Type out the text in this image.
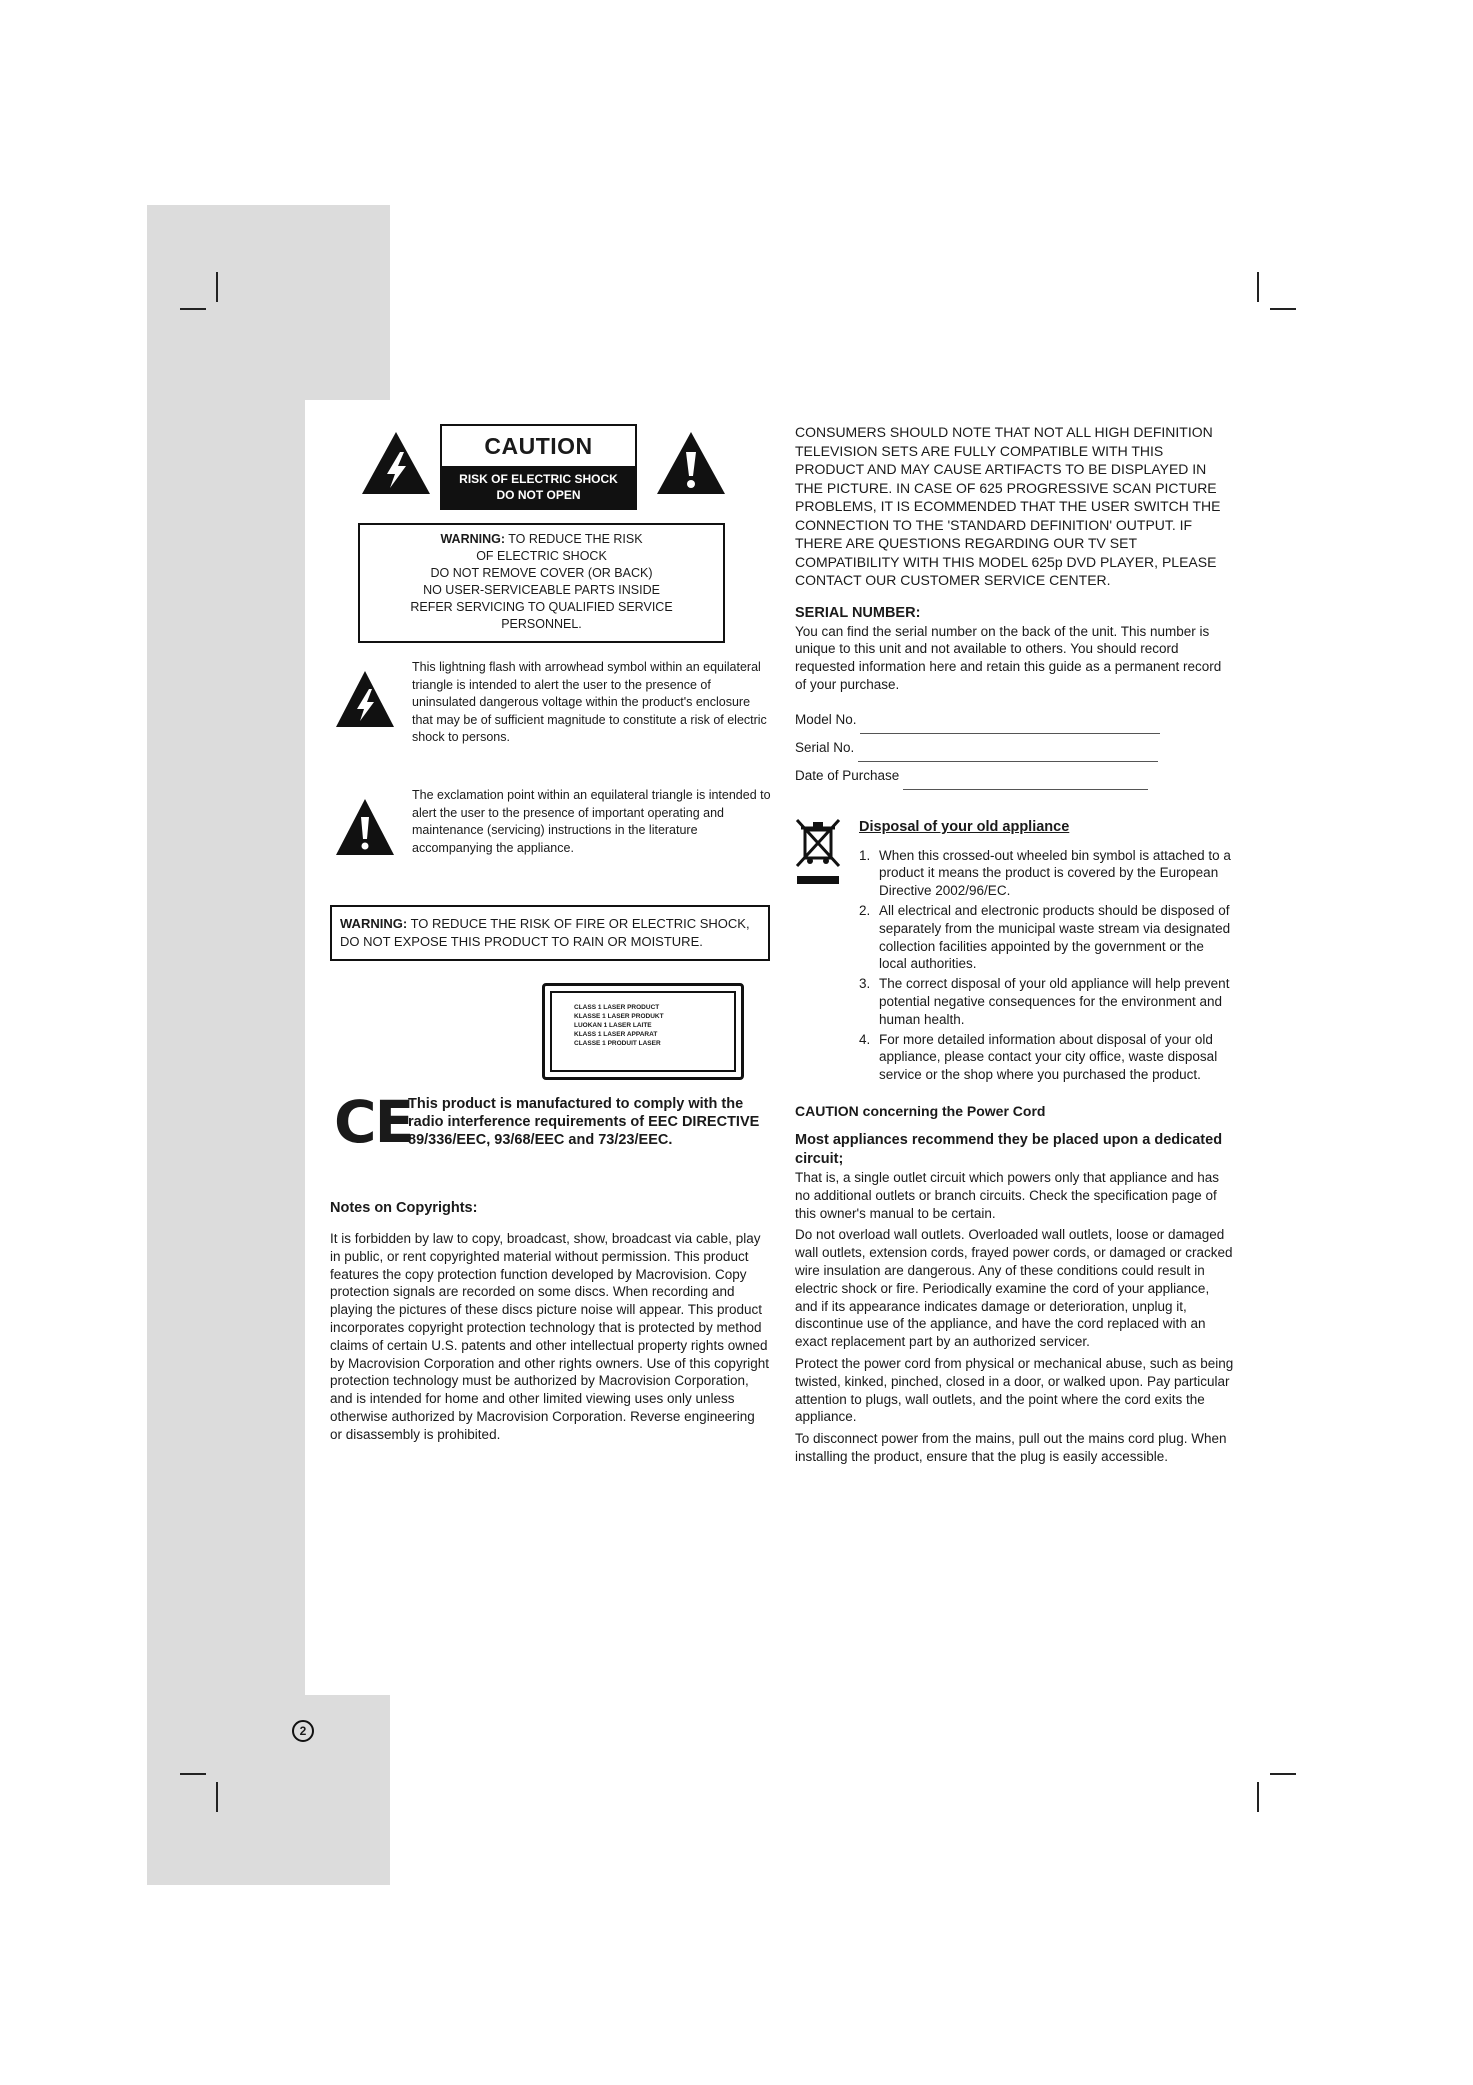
CAUTION
RISK OF ELECTRIC SHOCK
DO NOT OPEN
WARNING: TO REDUCE THE RISK
OF ELECTRIC SHOCK
DO NOT REMOVE COVER (OR BACK)
NO USER-SERVICEABLE PARTS INSIDE
REFER SERVICING TO QUALIFIED SERVICE
PERSONNEL.
This lightning flash with arrowhead symbol within an equilateral triangle is intended to alert the user to the presence of uninsulated dangerous voltage within the product's enclosure that may be of sufficient magnitude to constitute a risk of electric shock to persons.
The exclamation point within an equilateral triangle is intended to alert the user to the presence of important operating and maintenance (servicing) instructions in the literature accompanying the appliance.
WARNING: TO REDUCE THE RISK OF FIRE OR ELECTRIC SHOCK, DO NOT EXPOSE THIS PRODUCT TO RAIN OR MOISTURE.
CLASS 1 LASER PRODUCT
KLASSE 1 LASER PRODUKT
LUOKAN 1 LASER LAITE
KLASS 1 LASER APPARAT
CLASSE 1 PRODUIT LASER
CE
This product is manufactured to comply with the radio interference requirements of EEC DIRECTIVE 89/336/EEC, 93/68/EEC and 73/23/EEC.
Notes on Copyrights:
It is forbidden by law to copy, broadcast, show, broadcast via cable, play in public, or rent copyrighted material without permission. This product features the copy protection function developed by Macrovision. Copy protection signals are recorded on some discs. When recording and playing the pictures of these discs picture noise will appear. This product incorporates copyright protection technology that is protected by method claims of certain U.S. patents and other intellectual property rights owned by Macrovision Corporation and other rights owners. Use of this copyright protection technology must be authorized by Macrovision Corporation, and is intended for home and other limited viewing uses only unless otherwise authorized by Macrovision Corporation. Reverse engineering or disassembly is prohibited.
CONSUMERS SHOULD NOTE THAT NOT ALL HIGH DEFINITION TELEVISION SETS ARE FULLY COMPATIBLE WITH THIS PRODUCT AND MAY CAUSE ARTIFACTS TO BE DISPLAYED IN THE PICTURE. IN CASE OF 625 PROGRESSIVE SCAN PICTURE PROBLEMS, IT IS ECOMMENDED THAT THE USER SWITCH THE CONNECTION TO THE 'STANDARD DEFINITION' OUTPUT. IF THERE ARE QUESTIONS REGARDING OUR TV SET COMPATIBILITY WITH THIS MODEL 625p DVD PLAYER, PLEASE CONTACT OUR CUSTOMER SERVICE CENTER.
SERIAL NUMBER:
You can find the serial number on the back of the unit. This number is unique to this unit and not available to others. You should record requested information here and retain this guide as a permanent record of your purchase.
Model No.
Serial No.
Date of Purchase
Disposal of your old appliance
1. When this crossed-out wheeled bin symbol is attached to a product it means the product is covered by the European Directive 2002/96/EC.
2. All electrical and electronic products should be disposed of separately from the municipal waste stream via designated collection facilities appointed by the government or the local authorities.
3. The correct disposal of your old appliance will help prevent potential negative consequences for the environment and human health.
4. For more detailed information about disposal of your old appliance, please contact your city office, waste disposal service or the shop where you purchased the product.
CAUTION concerning the Power Cord
Most appliances recommend they be placed upon a dedicated circuit;
That is, a single outlet circuit which powers only that appliance and has no additional outlets or branch circuits. Check the specification page of this owner's manual to be certain.
Do not overload wall outlets. Overloaded wall outlets, loose or damaged wall outlets, extension cords, frayed power cords, or damaged or cracked wire insulation are dangerous. Any of these conditions could result in electric shock or fire. Periodically examine the cord of your appliance, and if its appearance indicates damage or deterioration, unplug it, discontinue use of the appliance, and have the cord replaced with an exact replacement part by an authorized servicer.
Protect the power cord from physical or mechanical abuse, such as being twisted, kinked, pinched, closed in a door, or walked upon. Pay particular attention to plugs, wall outlets, and the point where the cord exits the appliance.
To disconnect power from the mains, pull out the mains cord plug. When installing the product, ensure that the plug is easily accessible.
2
